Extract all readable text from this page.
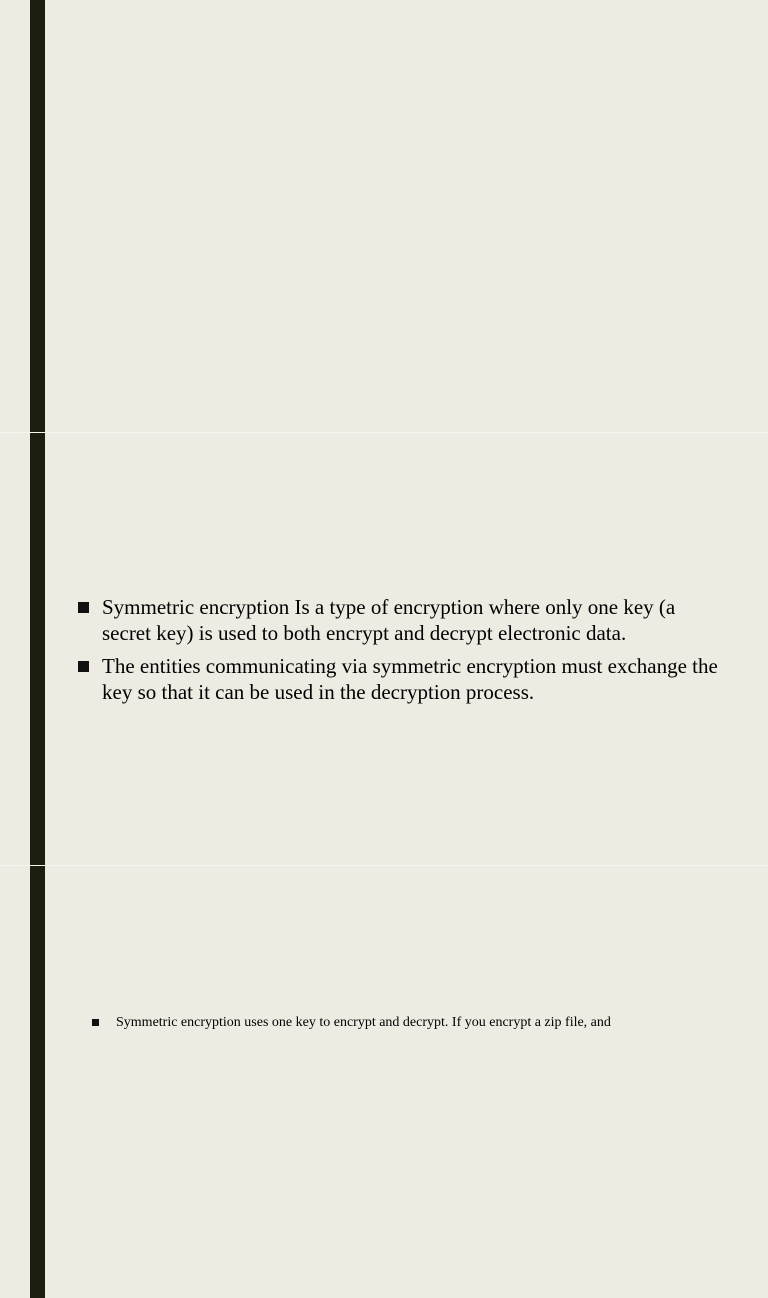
Symmetric encryption Is a type of encryption where only one key (a secret key) is used to both encrypt and decrypt electronic data.
The entities communicating via symmetric encryption must exchange the key so that it can be used in the decryption process.
Symmetric encryption uses one key to encrypt and decrypt. If you encrypt a zip file, and
